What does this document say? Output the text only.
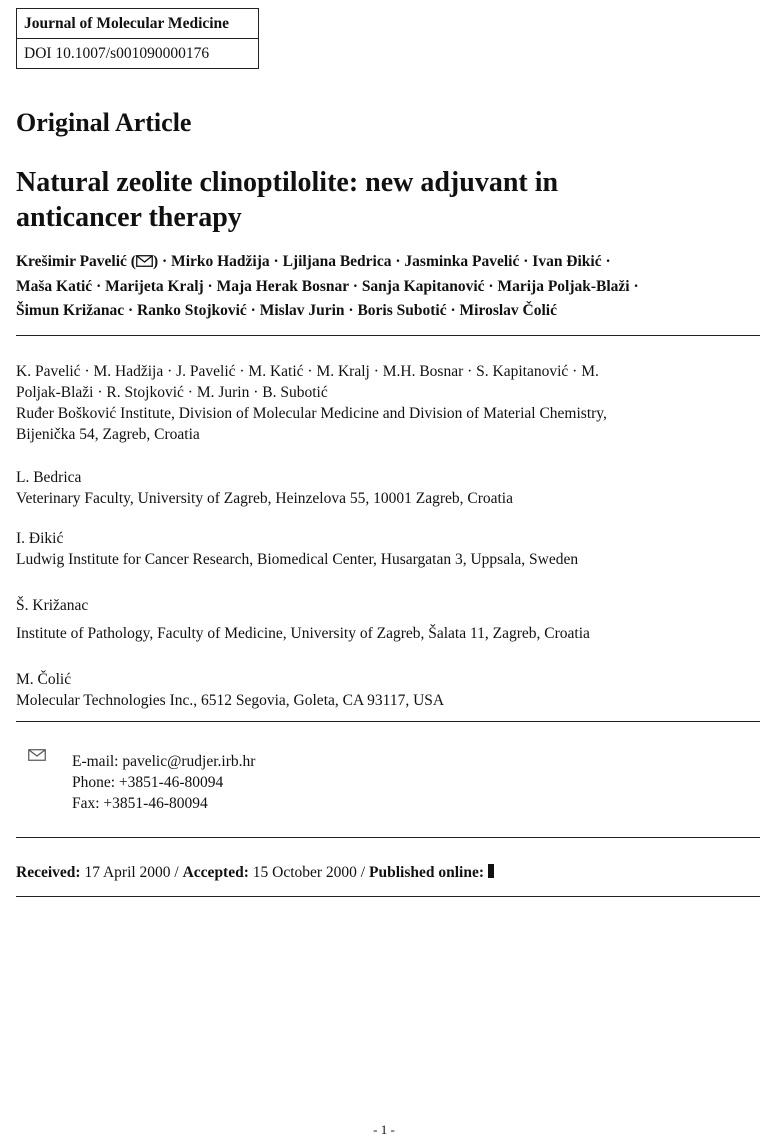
Journal of Molecular Medicine
DOI 10.1007/s001090000176
Original Article
Natural zeolite clinoptilolite: new adjuvant in
anticancer therapy
Krešimir Pavelić ( ) · Mirko Hadžija · Ljiljana Bedrica · Jasminka Pavelić · Ivan Đikić ·
Maša Katić · Marijeta Kralj · Maja Herak Bosnar · Sanja Kapitanović · Marija Poljak-Blaži ·
Šimun Križanac · Ranko Stojković · Mislav Jurin · Boris Subotić · Miroslav Čolić
K. Pavelić · M. Hadžija · J. Pavelić · M. Katić · M. Kralj · M.H. Bosnar · S. Kapitanović · M.
Poljak-Blaži · R. Stojković · M. Jurin · B. Subotić
Ruđer Bošković Institute, Division of Molecular Medicine and Division of Material Chemistry,
Bijenička 54, Zagreb, Croatia
L. Bedrica
Veterinary Faculty, University of Zagreb, Heinzelova 55, 10001 Zagreb, Croatia
I. Đikić
Ludwig Institute for Cancer Research, Biomedical Center, Husargatan 3, Uppsala, Sweden
Š. Križanac
Institute of Pathology, Faculty of Medicine, University of Zagreb, Šalata 11, Zagreb, Croatia
M. Čolić
Molecular Technologies Inc., 6512 Segovia, Goleta, CA 93117, USA
E-mail: pavelic@rudjer.irb.hr
Phone: +3851-46-80094
Fax: +3851-46-80094
Received: 17 April 2000 / Accepted: 15 October 2000 / Published online:
- 1 -
